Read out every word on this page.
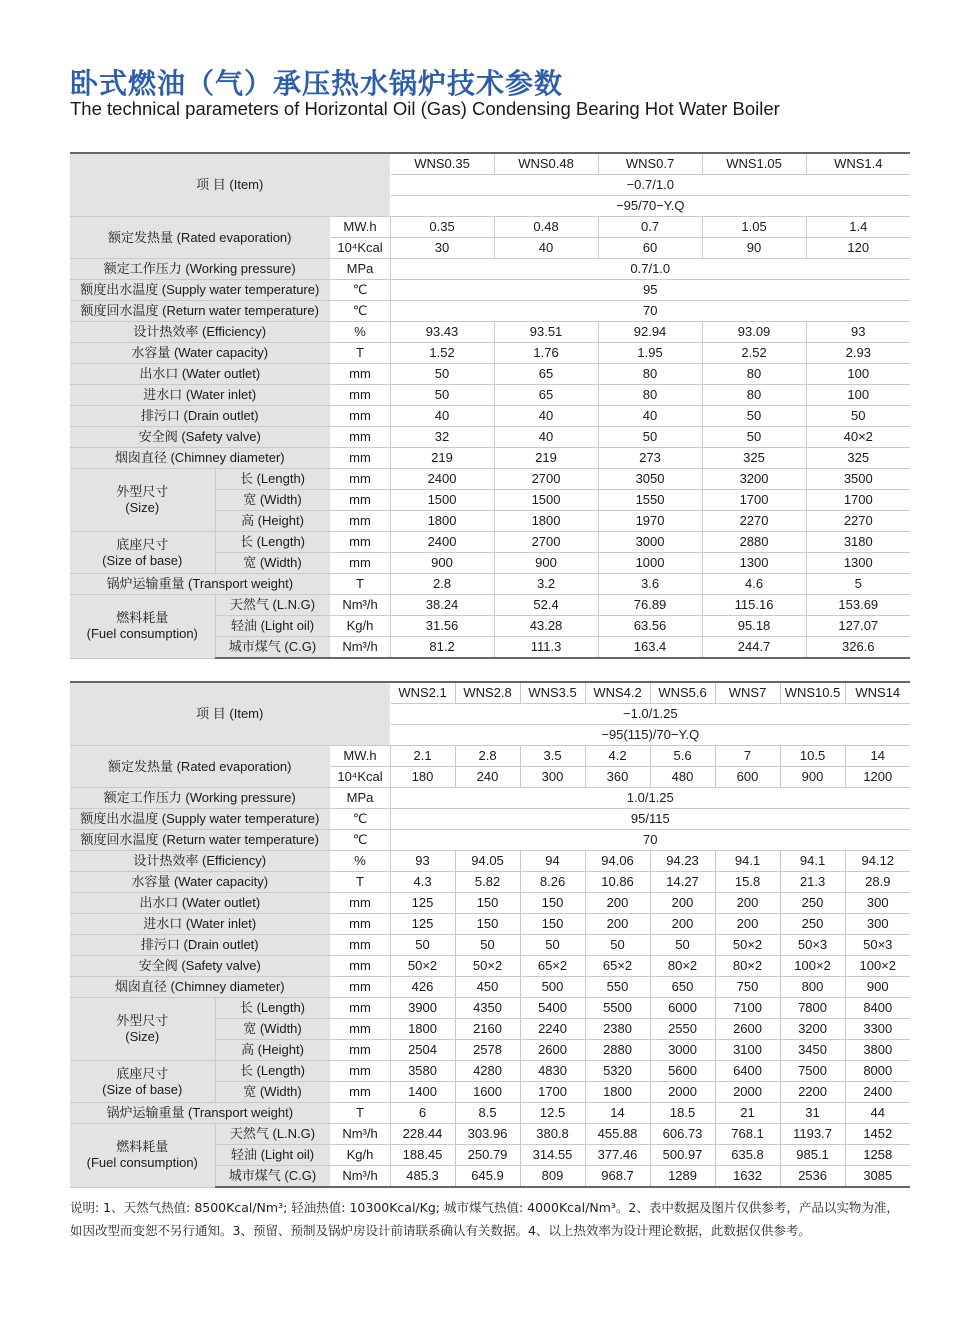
卧式燃油（气）承压热水锅炉技术参数
The technical parameters of Horizontal Oil (Gas) Condensing Bearing Hot Water Boiler
项 目 (Item)			WNS0.35	WNS0.48	WNS0.7	WNS1.05	WNS1.4
			−0.7/1.0				
			−95/70−Y.Q				
额定发热量 (Rated evaporation)		MW.h	0.35	0.48	0.7	1.05	1.4
		10⁴Kcal	30	40	60	90	120
额定工作压力 (Working pressure)		MPa	0.7/1.0				
额度出水温度 (Supply water temperature)		℃	95				
额度回水温度 (Return water temperature)		℃	70				
设计热效率 (Efficiency)		%	93.43	93.51	92.94	93.09	93
水容量 (Water capacity)		T	1.52	1.76	1.95	2.52	2.93
出水口 (Water outlet)		mm	50	65	80	80	100
进水口 (Water inlet)		mm	50	65	80	80	100
排污口 (Drain outlet)		mm	40	40	40	50	50
安全阀 (Safety valve)		mm	32	40	50	50	40×2
烟囱直径 (Chimney diameter)		mm	219	219	273	325	325

外型尺寸
(Size)	长 (Length)	mm	2400	2700	3050	3200	3500
	宽 (Width)	mm	1500	1500	1550	1700	1700
	高 (Height)	mm	1800	1800	1970	2270	2270

底座尺寸
(Size of base)	长 (Length)	mm	2400	2700	3000	2880	3180
	宽 (Width)	mm	900	900	1000	1300	1300
锅炉运输重量 (Transport weight)		T	2.8	3.2	3.6	4.6	5

燃料耗量
(Fuel consumption)	天然气 (L.N.G)	Nm³/h	38.24	52.4	76.89	115.16	153.69
	轻油 (Light oil)	Kg/h	31.56	43.28	63.56	95.18	127.07
	城市煤气 (C.G)	Nm³/h	81.2	111.3	163.4	244.7	326.6
项 目 (Item)			WNS2.1	WNS2.8	WNS3.5	WNS4.2	WNS5.6	WNS7	WNS10.5	WNS14
			−1.0/1.25							
			−95(115)/70−Y.Q							
额定发热量 (Rated evaporation)		MW.h	2.1	2.8	3.5	4.2	5.6	7	10.5	14
		10⁴Kcal	180	240	300	360	480	600	900	1200
额定工作压力 (Working pressure)		MPa	1.0/1.25							
额度出水温度 (Supply water temperature)		℃	95/115							
额度回水温度 (Return water temperature)		℃	70							
设计热效率 (Efficiency)		%	93	94.05	94	94.06	94.23	94.1	94.1	94.12
水容量 (Water capacity)		T	4.3	5.82	8.26	10.86	14.27	15.8	21.3	28.9
出水口 (Water outlet)		mm	125	150	150	200	200	200	250	300
进水口 (Water inlet)		mm	125	150	150	200	200	200	250	300
排污口 (Drain outlet)		mm	50	50	50	50	50	50×2	50×3	50×3
安全阀 (Safety valve)		mm	50×2	50×2	65×2	65×2	80×2	80×2	100×2	100×2
烟囱直径 (Chimney diameter)		mm	426	450	500	550	650	750	800	900

外型尺寸
(Size)	长 (Length)	mm	3900	4350	5400	5500	6000	7100	7800	8400
	宽 (Width)	mm	1800	2160	2240	2380	2550	2600	3200	3300
	高 (Height)	mm	2504	2578	2600	2880	3000	3100	3450	3800

底座尺寸
(Size of base)	长 (Length)	mm	3580	4280	4830	5320	5600	6400	7500	8000
	宽 (Width)	mm	1400	1600	1700	1800	2000	2000	2200	2400
锅炉运输重量 (Transport weight)		T	6	8.5	12.5	14	18.5	21	31	44

燃料耗量
(Fuel consumption)	天然气 (L.N.G)	Nm³/h	228.44	303.96	380.8	455.88	606.73	768.1	1193.7	1452
	轻油 (Light oil)	Kg/h	188.45	250.79	314.55	377.46	500.97	635.8	985.1	1258
	城市煤气 (C.G)	Nm³/h	485.3	645.9	809	968.7	1289	1632	2536	3085
说明: 1、天然气热值: 8500Kcal/Nm³; 轻油热值: 10300Kcal/Kg; 城市煤气热值: 4000Kcal/Nm³。2、表中数据及图片仅供参考，产品以实物为准，
如因改型而变恕不另行通知。3、预留、预制及锅炉房设计前请联系确认有关数据。4、以上热效率为设计理论数据，此数据仅供参考。
